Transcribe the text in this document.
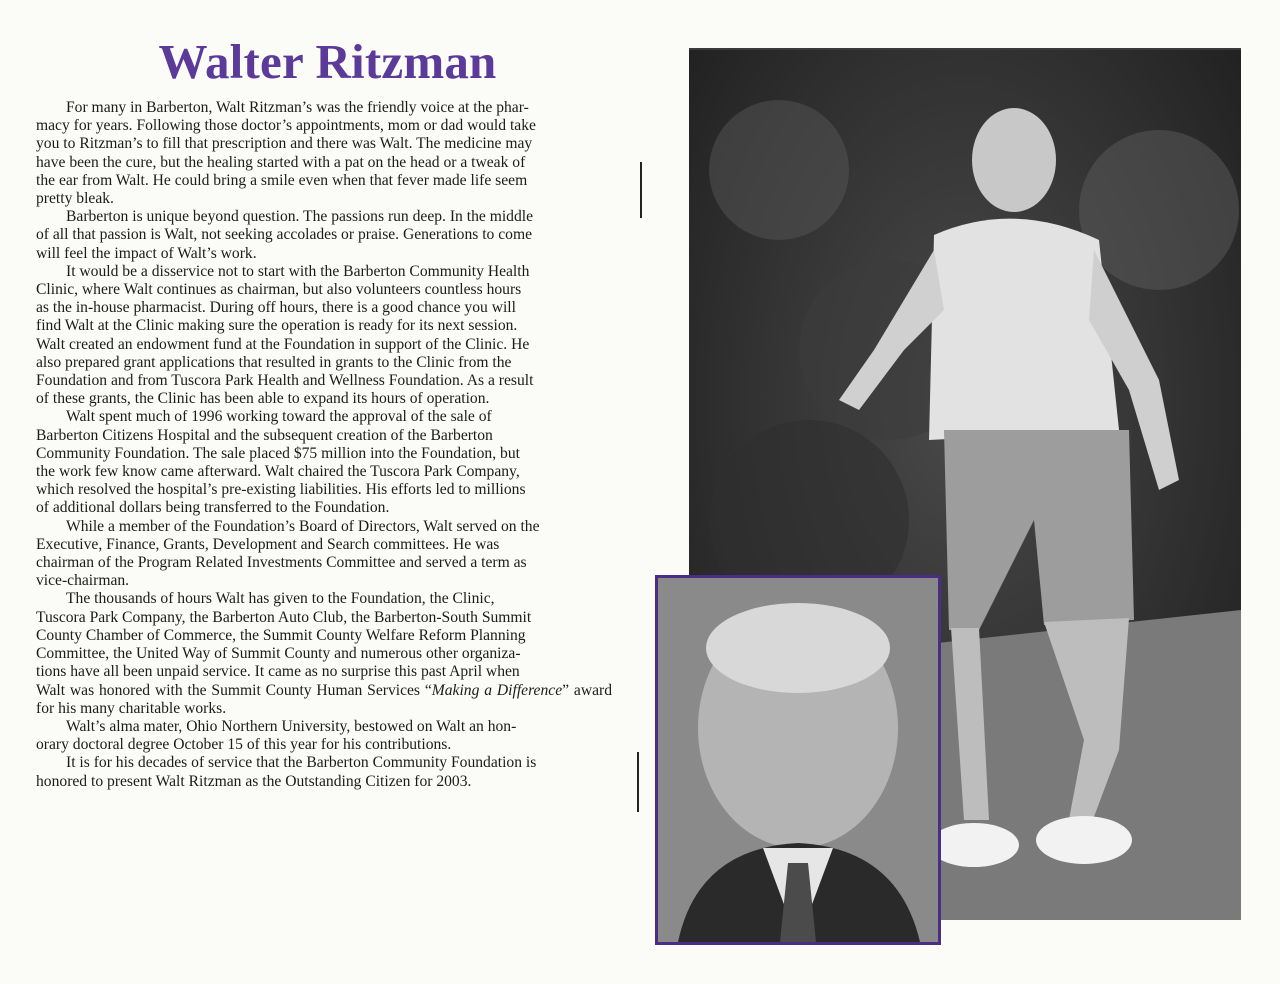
Walter Ritzman

For many in Barberton, Walt Ritzman’s was the friendly voice at the phar-
macy for years. Following those doctor’s appointments, mom or dad would take
you to Ritzman’s to fill that prescription and there was Walt. The medicine may
have been the cure, but the healing started with a pat on the head or a tweak of
the ear from Walt. He could bring a smile even when that fever made life seem
pretty bleak.

Barberton is unique beyond question. The passions run deep. In the middle
of all that passion is Walt, not seeking accolades or praise. Generations to come
will feel the impact of Walt’s work.

It would be a disservice not to start with the Barberton Community Health
Clinic, where Walt continues as chairman, but also volunteers countless hours
as the in-house pharmacist. During off hours, there is a good chance you will
find Walt at the Clinic making sure the operation is ready for its next session.
Walt created an endowment fund at the Foundation in support of the Clinic. He
also prepared grant applications that resulted in grants to the Clinic from the
Foundation and from Tuscora Park Health and Wellness Foundation. As a result
of these grants, the Clinic has been able to expand its hours of operation.

Walt spent much of 1996 working toward the approval of the sale of
Barberton Citizens Hospital and the subsequent creation of the Barberton
Community Foundation. The sale placed $75 million into the Foundation, but
the work few know came afterward. Walt chaired the Tuscora Park Company,
which resolved the hospital’s pre-existing liabilities. His efforts led to millions
of additional dollars being transferred to the Foundation.

While a member of the Foundation’s Board of Directors, Walt served on the
Executive, Finance, Grants, Development and Search committees. He was
chairman of the Program Related Investments Committee and served a term as
vice-chairman.

The thousands of hours Walt has given to the Foundation, the Clinic,
Tuscora Park Company, the Barberton Auto Club, the Barberton-South Summit
County Chamber of Commerce, the Summit County Welfare Reform Planning
Committee, the United Way of Summit County and numerous other organiza-
tions have all been unpaid service. It came as no surprise this past April when
Walt was honored with the Summit County Human Services “Making a Difference” award for his many charitable works.

Walt’s alma mater, Ohio Northern University, bestowed on Walt an hon-
orary doctoral degree October 15 of this year for his contributions.

It is for his decades of service that the Barberton Community Foundation is
honored to present Walt Ritzman as the Outstanding Citizen for 2003.
